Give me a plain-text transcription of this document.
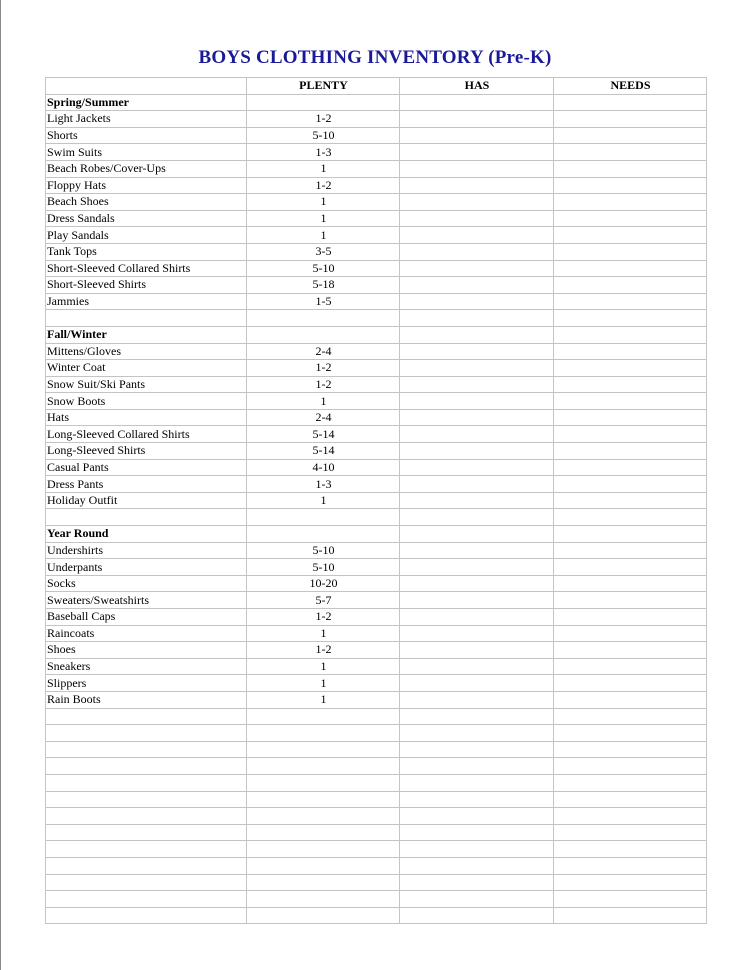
BOYS CLOTHING INVENTORY (Pre-K)
	PLENTY	HAS	NEEDS
Spring/Summer			
Light Jackets	1-2		
Shorts	5-10		
Swim Suits	1-3		
Beach Robes/Cover-Ups	1		
Floppy Hats	1-2		
Beach Shoes	1		
Dress Sandals	1		
Play Sandals	1		
Tank Tops	3-5		
Short-Sleeved Collared Shirts	5-10		
Short-Sleeved Shirts	5-18		
Jammies	1-5		

Fall/Winter			
Mittens/Gloves	2-4		
Winter Coat	1-2		
Snow Suit/Ski Pants	1-2		
Snow Boots	1		
Hats	2-4		
Long-Sleeved Collared Shirts	5-14		
Long-Sleeved Shirts	5-14		
Casual Pants	4-10		
Dress Pants	1-3		
Holiday Outfit	1		

Year Round			
Undershirts	5-10		
Underpants	5-10		
Socks	10-20		
Sweaters/Sweatshirts	5-7		
Baseball Caps	1-2		
Raincoats	1		
Shoes	1-2		
Sneakers	1		
Slippers	1		
Rain Boots	1		
